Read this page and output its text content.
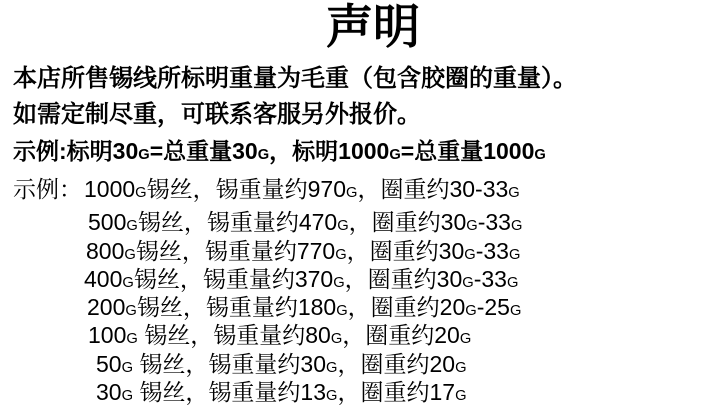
声明

本店所售锡线所标明重量为毛重（包含胶圈的重量）。

如需定制尽重，可联系客服另外报价。

示例:标明30G=总重量30G，标明1000G=总重量1000G

示例：1000G锡丝，锡重量约970G，圈重约30-33G
500G锡丝，锡重量约470G，圈重约30G-33G
800G锡丝，锡重量约770G，圈重约30G-33G
400G锡丝，锡重量约370G，圈重约30G-33G
200G锡丝，锡重量约180G，圈重约20G-25G
100G 锡丝，锡重量约80G，圈重约20G
50G 锡丝，锡重量约30G，圈重约20G
30G 锡丝，锡重量约13G，圈重约17G
